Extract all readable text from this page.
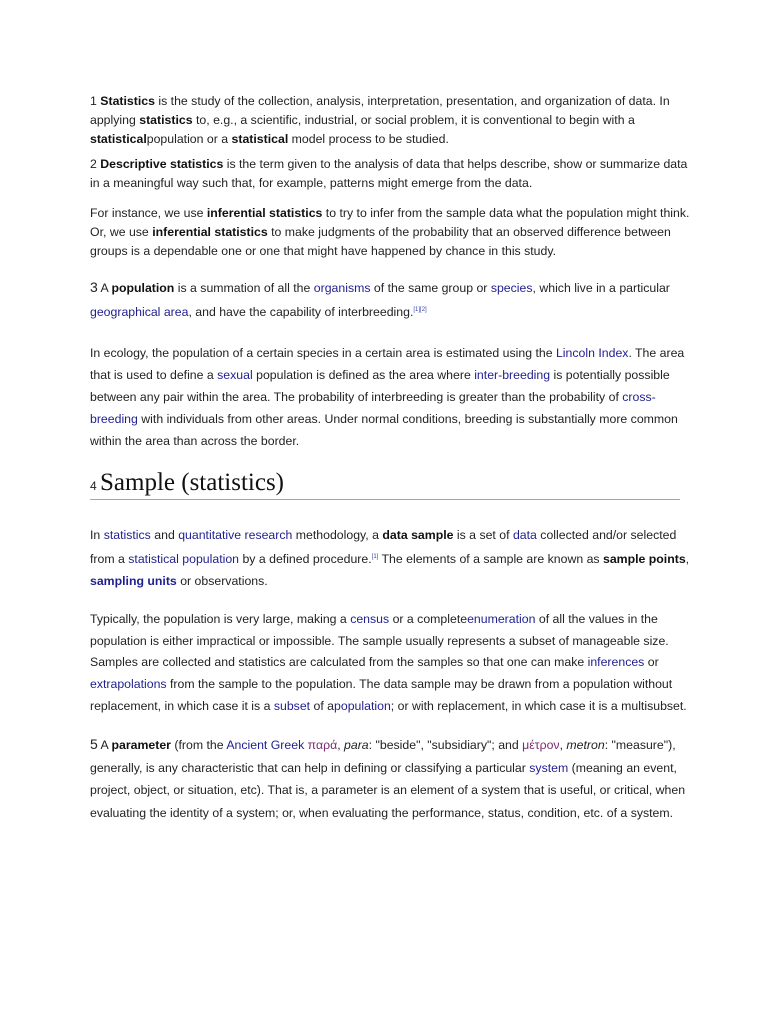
1 Statistics is the study of the collection, analysis, interpretation, presentation, and organization of data. In applying statistics to, e.g., a scientific, industrial, or social problem, it is conventional to begin with a statisticalpopulation or a statistical model process to be studied.

2 Descriptive statistics is the term given to the analysis of data that helps describe, show or summarize data in a meaningful way such that, for example, patterns might emerge from the data.

For instance, we use inferential statistics to try to infer from the sample data what the population might think. Or, we use inferential statistics to make judgments of the probability that an observed difference between groups is a dependable one or one that might have happened by chance in this study.

3 A population is a summation of all the organisms of the same group or species, which live in a particular geographical area, and have the capability of interbreeding.[1][2]

In ecology, the population of a certain species in a certain area is estimated using the Lincoln Index. The area that is used to define a sexual population is defined as the area where inter-breeding is potentially possible between any pair within the area. The probability of interbreeding is greater than the probability of cross-breeding with individuals from other areas. Under normal conditions, breeding is substantially more common within the area than across the border.

4 Sample (statistics)

In statistics and quantitative research methodology, a data sample is a set of data collected and/or selected from a statistical population by a defined procedure.[1] The elements of a sample are known as sample points, sampling units or observations.

Typically, the population is very large, making a census or a completeenumeration of all the values in the population is either impractical or impossible. The sample usually represents a subset of manageable size. Samples are collected and statistics are calculated from the samples so that one can make inferences or extrapolations from the sample to the population. The data sample may be drawn from a population without replacement, in which case it is a subset of apopulation; or with replacement, in which case it is a multisubset.

5 A parameter (from the Ancient Greek παρά, para: "beside", "subsidiary"; and μέτρον, metron: "measure"), generally, is any characteristic that can help in defining or classifying a particular system (meaning an event, project, object, or situation, etc). That is, a parameter is an element of a system that is useful, or critical, when evaluating the identity of a system; or, when evaluating the performance, status, condition, etc. of a system.
